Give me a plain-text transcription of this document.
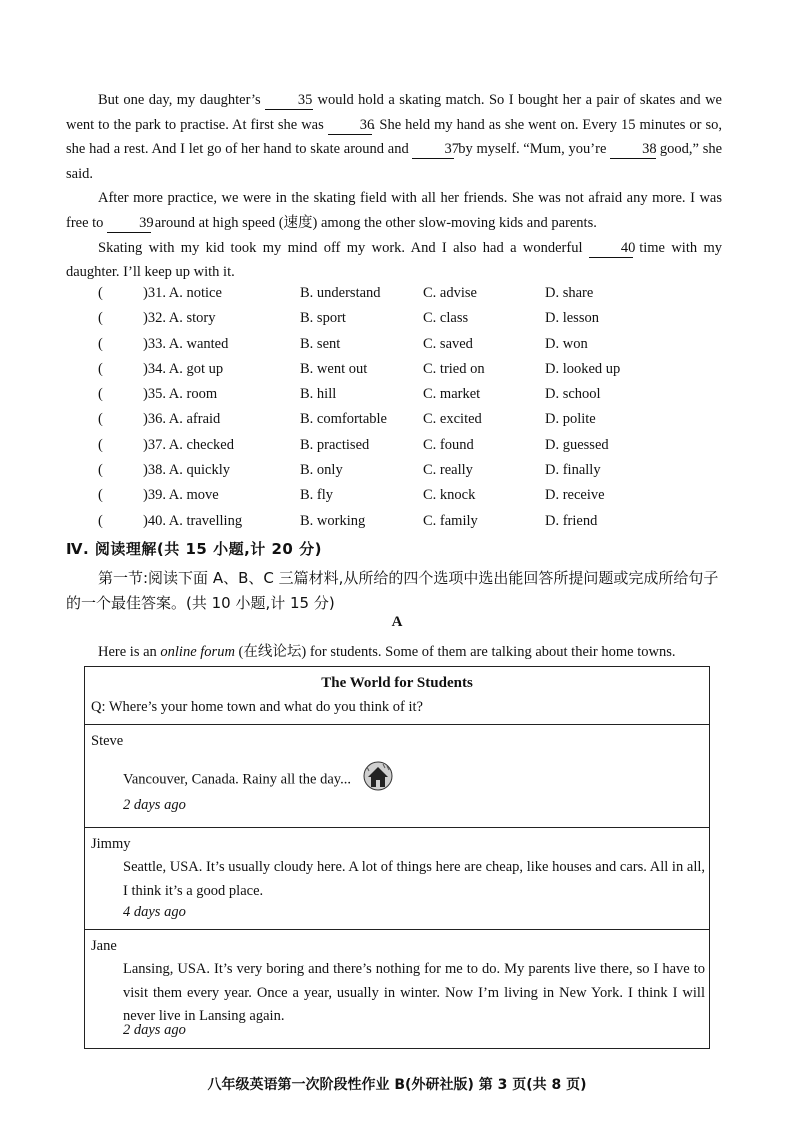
But one day, my daughter’s	35 would hold a skating match. So I bought her a pair of skates and we went to the park to practise. At first she was 36. She held my hand as she went on. Every 15 minutes or so, she had a rest. And I let go of her hand to skate around and 37 by myself. “Mum, you’re 38 good,” she said.

After more practice, we were in the skating field with all her friends. She was not afraid any more. I was free to 39 around at high speed (速度) among the other slow-moving kids and parents.

Skating with my kid took my mind off my work. And I also had a wonderful	40 time with my daughter. I’ll keep up with it.

(	)31. A. notice	B. understand	C. advise	D. share
(	)32. A. story	B. sport	C. class	D. lesson
(	)33. A. wanted	B. sent	C. saved	D. won
(	)34. A. got up	B. went out	C. tried on	D. looked up
(	)35. A. room	B. hill	C. market	D. school
(	)36. A. afraid	B. comfortable C. excited	D. polite
(	)37. A. checked	B. practised	C. found	D. guessed
(	)38. A. quickly	B. only	C. really	D. finally
(	)39. A. move	B. fly	C. knock	D. receive
(	)40. A. travelling	B. working	C. family	D. friend
Ⅳ. 阅读理解(共 15 小题,计 20 分)

第一节:阅读下面 A、B、C 三篇材料,从所给的四个选项中选出能回答所提问题或完成所给句子的一个最佳答案。(共 10 小题,计 15 分)

A
Here is an online forum (在线论坛) for students. Some of them are talking about their home towns.
The World for Students
Q: Where’s your home town and what do you think of it?
Steve
Vancouver, Canada. Rainy all the day...
2 days ago
Jimmy
Seattle, USA. It’s usually cloudy here. A lot of things here are cheap, like houses and cars. All in all, I think it’s a good place.
4 days ago
Jane
Lansing, USA. It’s very boring and there’s nothing for me to do. My parents live there, so I have to visit them every year. Once a year, usually in winter. Now I’m living in New York. I think I will never live in Lansing again.
2 days ago
八年级英语第一次阶段性作业 B(外研社版) 第 3 页(共 8 页)
